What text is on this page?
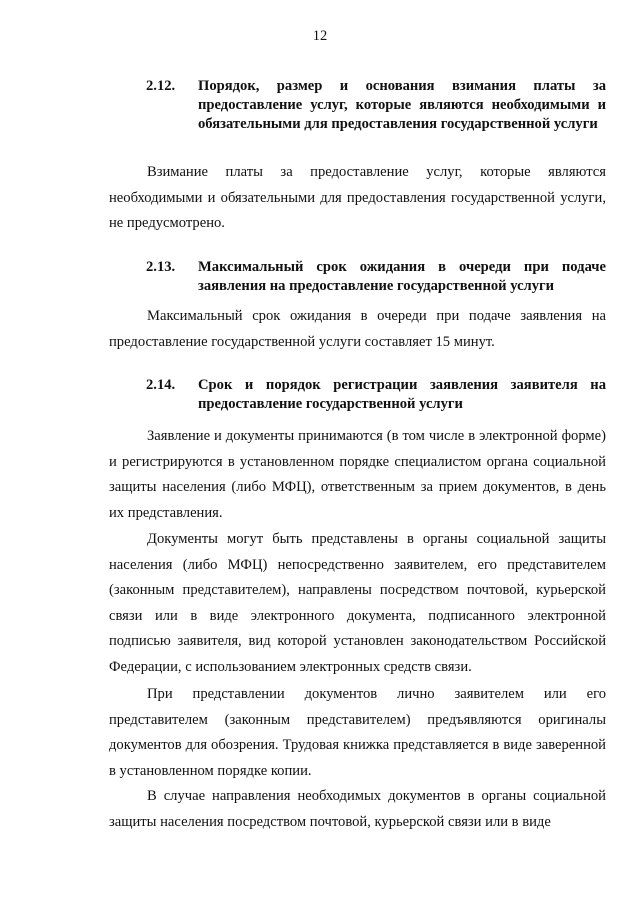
12
2.12. Порядок, размер и основания взимания платы за предоставление услуг, которые являются необходимыми и обязательными для предоставления государственной услуги
Взимание платы за предоставление услуг, которые являются необходимыми и обязательными для предоставления государственной услуги, не предусмотрено.
2.13. Максимальный срок ожидания в очереди при подаче заявления на предоставление государственной услуги
Максимальный срок ожидания в очереди при подаче заявления на предоставление государственной услуги составляет 15 минут.
2.14. Срок и порядок регистрации заявления заявителя на предоставление государственной услуги
Заявление и документы принимаются (в том числе в электронной форме) и регистрируются в установленном порядке специалистом органа социальной защиты населения (либо МФЦ), ответственным за прием документов, в день их представления.
Документы могут быть представлены в органы социальной защиты населения (либо МФЦ) непосредственно заявителем, его представителем (законным представителем), направлены посредством почтовой, курьерской связи или в виде электронного документа, подписанного электронной подписью заявителя, вид которой установлен законодательством Российской Федерации, с использованием электронных средств связи.
При представлении документов лично заявителем или его представителем (законным представителем) предъявляются оригиналы документов для обозрения. Трудовая книжка представляется в виде заверенной в установленном порядке копии.
В случае направления необходимых документов в органы социальной защиты населения посредством почтовой, курьерской связи или в виде
